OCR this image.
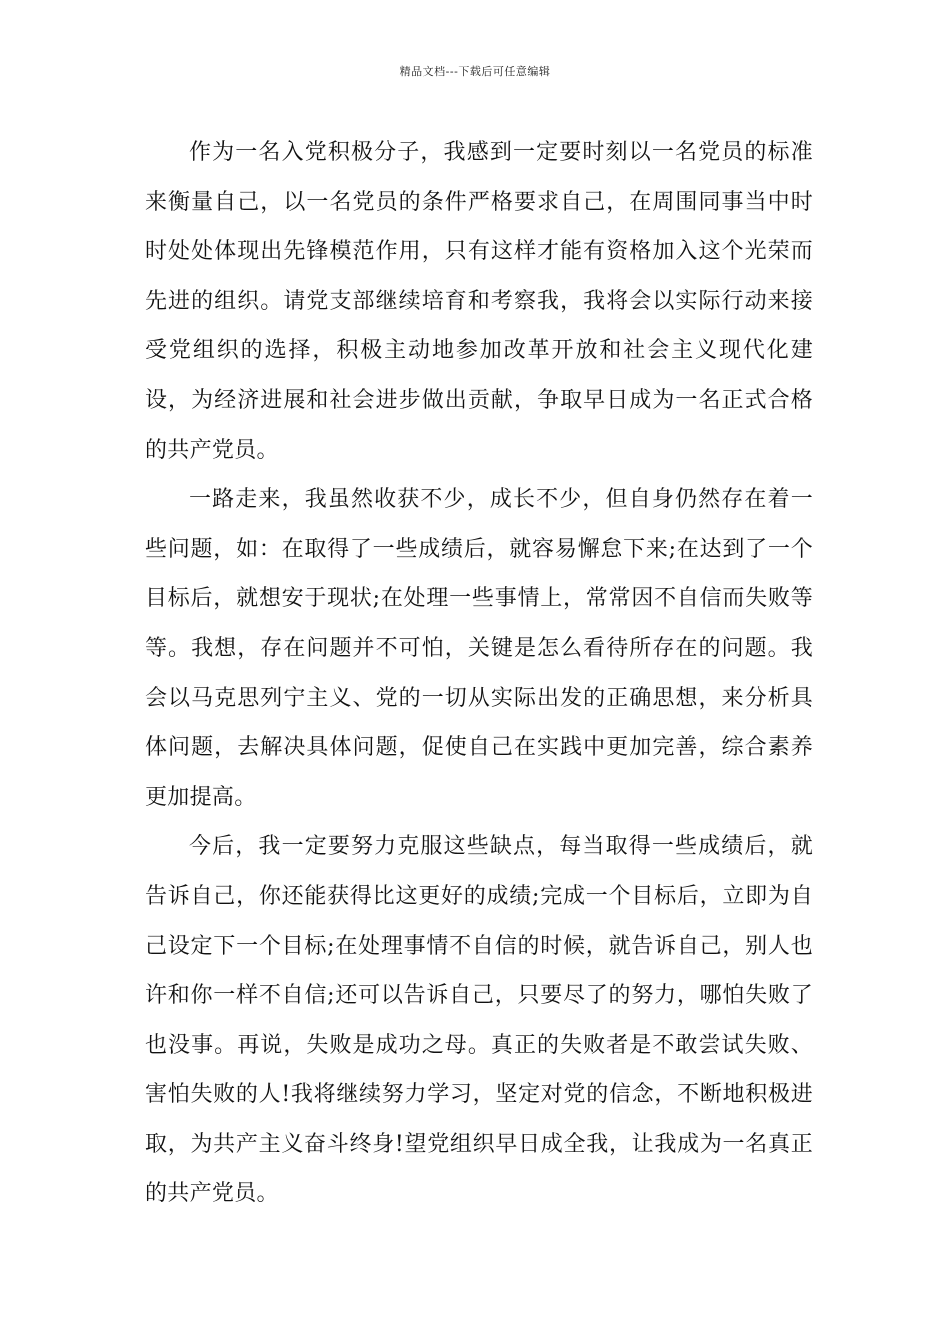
精品文档---下载后可任意编辑

作为一名入党积极分子，我感到一定要时刻以一名党员的标准来衡量自己，以一名党员的条件严格要求自己，在周围同事当中时时处处体现出先锋模范作用，只有这样才能有资格加入这个光荣而先进的组织。请党支部继续培育和考察我，我将会以实际行动来接受党组织的选择，积极主动地参加改革开放和社会主义现代化建设，为经济进展和社会进步做出贡献，争取早日成为一名正式合格的共产党员。

一路走来，我虽然收获不少，成长不少，但自身仍然存在着一些问题，如：在取得了一些成绩后，就容易懈怠下来;在达到了一个目标后，就想安于现状;在处理一些事情上，常常因不自信而失败等等。我想，存在问题并不可怕，关键是怎么看待所存在的问题。我会以马克思列宁主义、党的一切从实际出发的正确思想，来分析具体问题，去解决具体问题，促使自己在实践中更加完善，综合素养更加提高。

今后，我一定要努力克服这些缺点，每当取得一些成绩后，就告诉自己，你还能获得比这更好的成绩;完成一个目标后，立即为自己设定下一个目标;在处理事情不自信的时候，就告诉自己，别人也许和你一样不自信;还可以告诉自己，只要尽了的努力，哪怕失败了也没事。再说，失败是成功之母。真正的失败者是不敢尝试失败、害怕失败的人!我将继续努力学习，坚定对党的信念，不断地积极进取，为共产主义奋斗终身!望党组织早日成全我，让我成为一名真正的共产党员。
